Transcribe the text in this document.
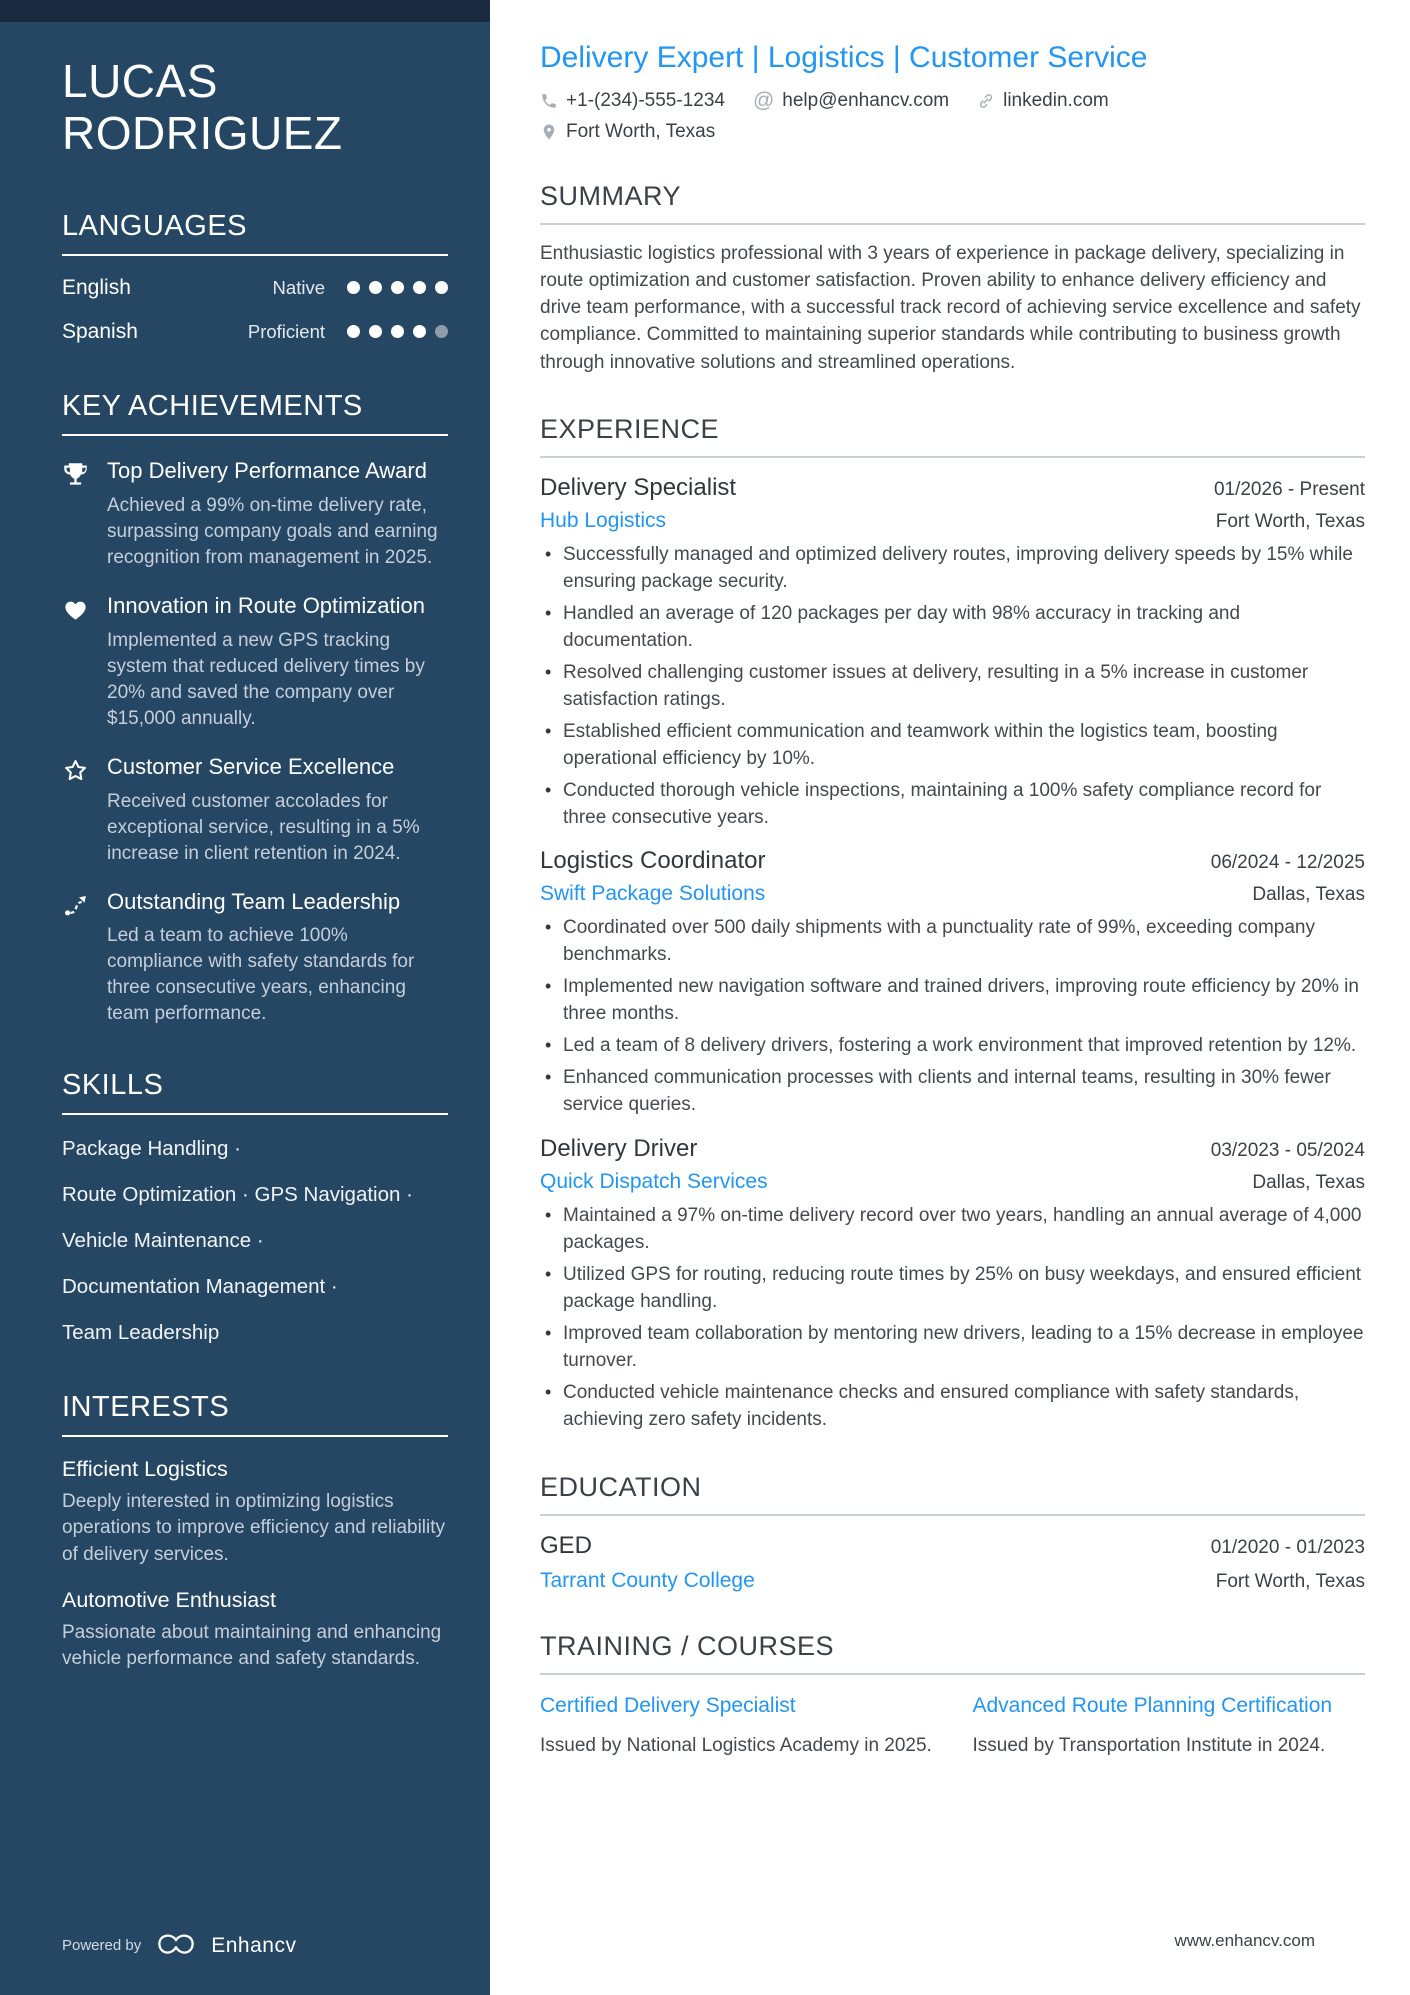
LUCAS RODRIGUEZ
LANGUAGES
English	Native
Spanish	Proficient
KEY ACHIEVEMENTS
Top Delivery Performance Award
Achieved a 99% on-time delivery rate, surpassing company goals and earning recognition from management in 2025.
Innovation in Route Optimization
Implemented a new GPS tracking system that reduced delivery times by 20% and saved the company over $15,000 annually.
Customer Service Excellence
Received customer accolades for exceptional service, resulting in a 5% increase in client retention in 2024.
Outstanding Team Leadership
Led a team to achieve 100% compliance with safety standards for three consecutive years, enhancing team performance.
SKILLS
Package Handling ·
Route Optimization · GPS Navigation ·
Vehicle Maintenance ·
Documentation Management ·
Team Leadership
INTERESTS
Efficient Logistics
Deeply interested in optimizing logistics operations to improve efficiency and reliability of delivery services.
Automotive Enthusiast
Passionate about maintaining and enhancing vehicle performance and safety standards.
Powered by	Enhancv
Delivery Expert | Logistics | Customer Service
+1-(234)-555-1234 @ help@enhancv.com	linkedin.com
Fort Worth, Texas
SUMMARY

Enthusiastic logistics professional with 3 years of experience in package delivery, specializing in route optimization and customer satisfaction. Proven ability to enhance delivery efficiency and drive team performance, with a successful track record of achieving service excellence and safety compliance. Committed to maintaining superior standards while contributing to business growth through innovative solutions and streamlined operations.

EXPERIENCE
Delivery Specialist	01/2026 - Present
Hub Logistics	Fort Worth, Texas
• Successfully managed and optimized delivery routes, improving delivery speeds by 15% while ensuring package security.
• Handled an average of 120 packages per day with 98% accuracy in tracking and documentation.
• Resolved challenging customer issues at delivery, resulting in a 5% increase in customer satisfaction ratings.
• Established efficient communication and teamwork within the logistics team, boosting operational efficiency by 10%.
• Conducted thorough vehicle inspections, maintaining a 100% safety compliance record for three consecutive years.
Logistics Coordinator	06/2024 - 12/2025
Swift Package Solutions	Dallas, Texas
• Coordinated over 500 daily shipments with a punctuality rate of 99%, exceeding company benchmarks.
• Implemented new navigation software and trained drivers, improving route efficiency by 20% in three months.
• Led a team of 8 delivery drivers, fostering a work environment that improved retention by 12%.
• Enhanced communication processes with clients and internal teams, resulting in 30% fewer service queries.
Delivery Driver	03/2023 - 05/2024
Quick Dispatch Services	Dallas, Texas
• Maintained a 97% on-time delivery record over two years, handling an annual average of 4,000 packages.
• Utilized GPS for routing, reducing route times by 25% on busy weekdays, and ensured efficient package handling.
• Improved team collaboration by mentoring new drivers, leading to a 15% decrease in employee turnover.
• Conducted vehicle maintenance checks and ensured compliance with safety standards, achieving zero safety incidents.
EDUCATION
GED	01/2020 - 01/2023
Tarrant County College	Fort Worth, Texas
TRAINING / COURSES
Certified Delivery Specialist
Issued by National Logistics Academy in 2025.
Advanced Route Planning Certification
Issued by Transportation Institute in 2024.
www.enhancv.com
